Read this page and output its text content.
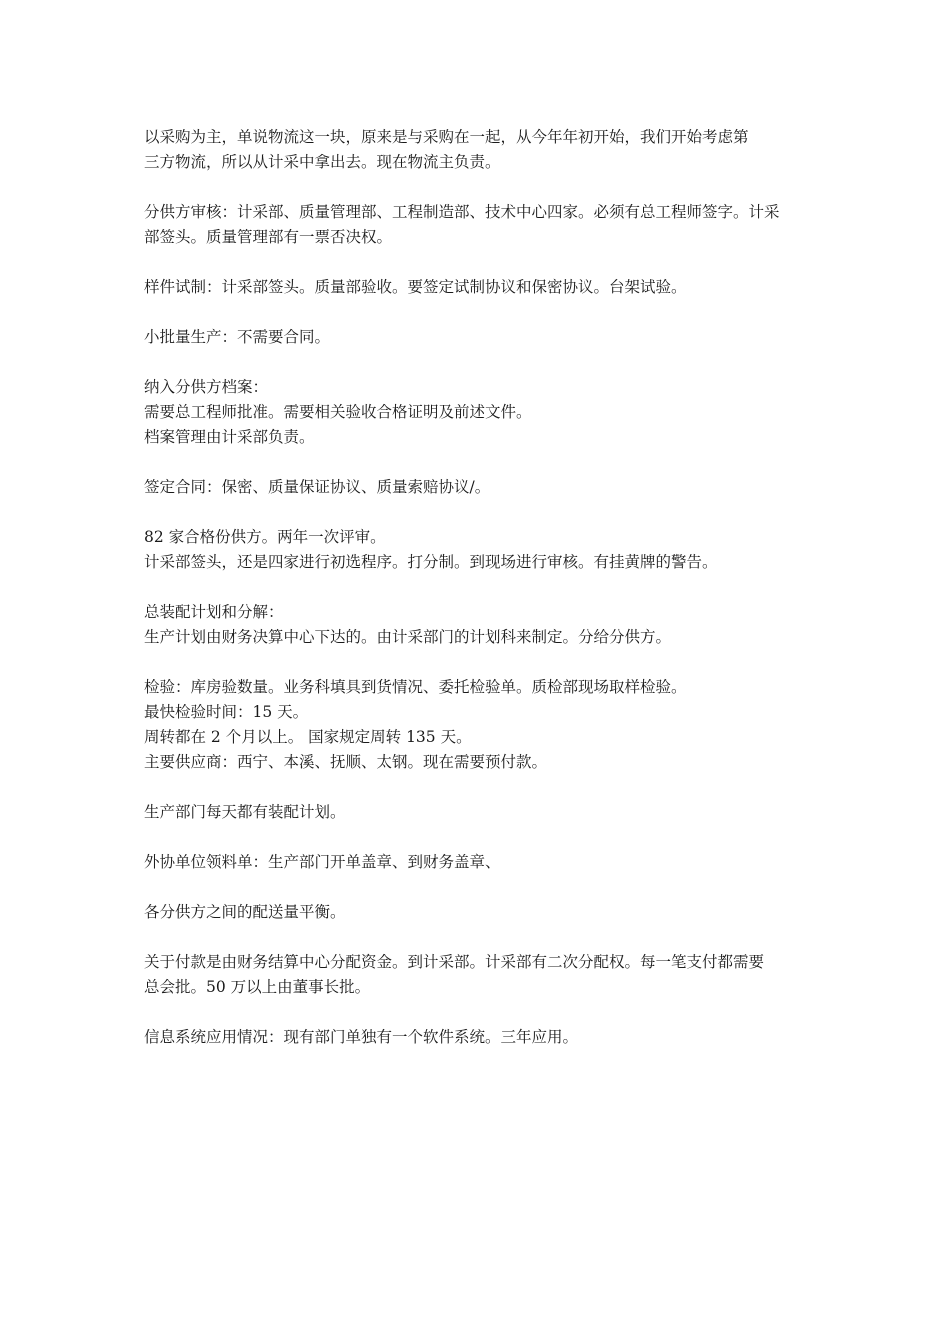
以采购为主，单说物流这一块，原来是与采购在一起，从今年年初开始，我们开始考虑第
三方物流，所以从计采中拿出去。现在物流主负责。

分供方审核：计采部、质量管理部、工程制造部、技术中心四家。必须有总工程师签字。计采
部签头。质量管理部有一票否决权。

样件试制：计采部签头。质量部验收。要签定试制协议和保密协议。台架试验。

小批量生产：不需要合同。

纳入分供方档案：
需要总工程师批准。需要相关验收合格证明及前述文件。
档案管理由计采部负责。

签定合同：保密、质量保证协议、质量索赔协议/。

82 家合格份供方。两年一次评审。
计采部签头，还是四家进行初选程序。打分制。到现场进行审核。有挂黄牌的警告。

总装配计划和分解：
生产计划由财务决算中心下达的。由计采部门的计划科来制定。分给分供方。

检验：库房验数量。业务科填具到货情况、委托检验单。质检部现场取样检验。
最快检验时间：15 天。
周转都在 2 个月以上。 国家规定周转 135 天。
主要供应商：西宁、本溪、抚顺、太钢。现在需要预付款。

生产部门每天都有装配计划。

外协单位领料单：生产部门开单盖章、到财务盖章、

各分供方之间的配送量平衡。

关于付款是由财务结算中心分配资金。到计采部。计采部有二次分配权。每一笔支付都需要
总会批。50 万以上由董事长批。

信息系统应用情况：现有部门单独有一个软件系统。三年应用。
